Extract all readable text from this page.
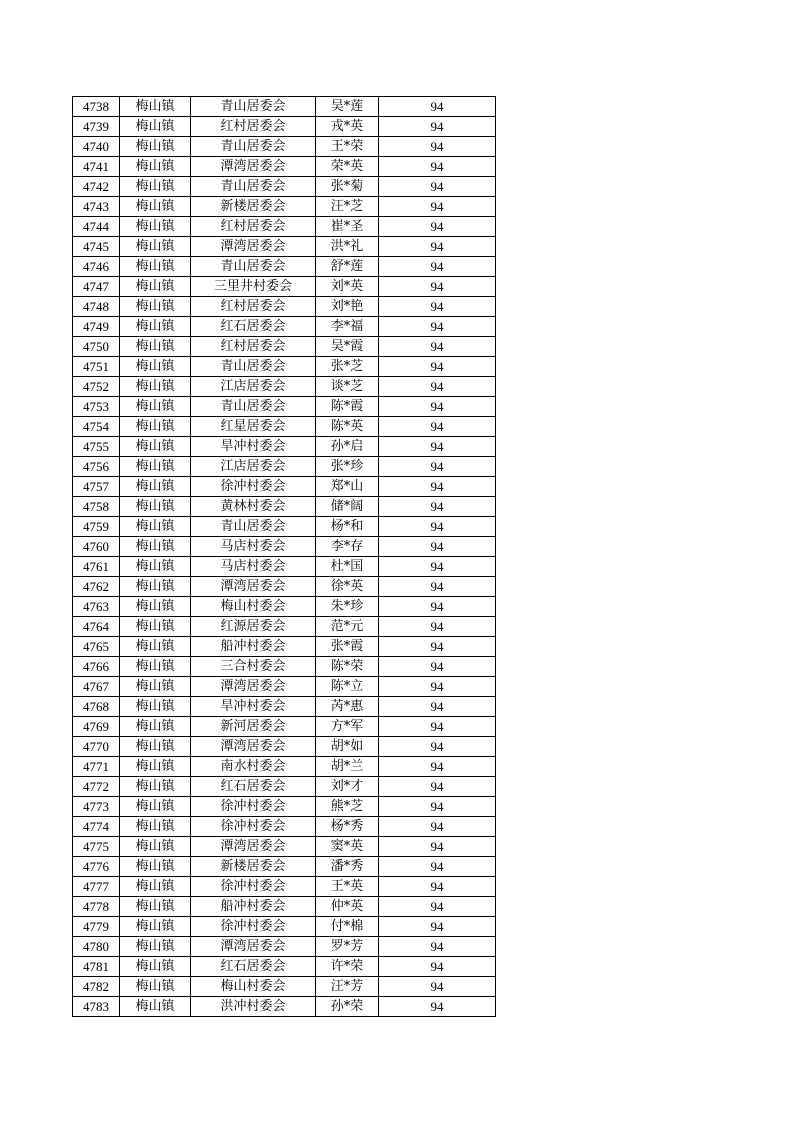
4738	梅山镇	青山居委会	吴*莲	94
4739	梅山镇	红村居委会	戎*英	94
4740	梅山镇	青山居委会	王*荣	94
4741	梅山镇	潭湾居委会	荣*英	94
4742	梅山镇	青山居委会	张*菊	94
4743	梅山镇	新楼居委会	汪*芝	94
4744	梅山镇	红村居委会	崔*圣	94
4745	梅山镇	潭湾居委会	洪*礼	94
4746	梅山镇	青山居委会	舒*莲	94
4747	梅山镇	三里井村委会	刘*英	94
4748	梅山镇	红村居委会	刘*艳	94
4749	梅山镇	红石居委会	李*福	94
4750	梅山镇	红村居委会	吴*霞	94
4751	梅山镇	青山居委会	张*芝	94
4752	梅山镇	江店居委会	谈*芝	94
4753	梅山镇	青山居委会	陈*霞	94
4754	梅山镇	红星居委会	陈*英	94
4755	梅山镇	旱冲村委会	孙*启	94
4756	梅山镇	江店居委会	张*珍	94
4757	梅山镇	徐冲村委会	郑*山	94
4758	梅山镇	黄林村委会	储*阔	94
4759	梅山镇	青山居委会	杨*和	94
4760	梅山镇	马店村委会	李*存	94
4761	梅山镇	马店村委会	杜*国	94
4762	梅山镇	潭湾居委会	徐*英	94
4763	梅山镇	梅山村委会	朱*珍	94
4764	梅山镇	红源居委会	范*元	94
4765	梅山镇	船冲村委会	张*霞	94
4766	梅山镇	三合村委会	陈*荣	94
4767	梅山镇	潭湾居委会	陈*立	94
4768	梅山镇	旱冲村委会	芮*惠	94
4769	梅山镇	新河居委会	方*军	94
4770	梅山镇	潭湾居委会	胡*如	94
4771	梅山镇	南水村委会	胡*兰	94
4772	梅山镇	红石居委会	刘*才	94
4773	梅山镇	徐冲村委会	熊*芝	94
4774	梅山镇	徐冲村委会	杨*秀	94
4775	梅山镇	潭湾居委会	窦*英	94
4776	梅山镇	新楼居委会	潘*秀	94
4777	梅山镇	徐冲村委会	王*英	94
4778	梅山镇	船冲村委会	仲*英	94
4779	梅山镇	徐冲村委会	付*棉	94
4780	梅山镇	潭湾居委会	罗*芳	94
4781	梅山镇	红石居委会	许*荣	94
4782	梅山镇	梅山村委会	汪*芳	94
4783	梅山镇	洪冲村委会	孙*荣	94
